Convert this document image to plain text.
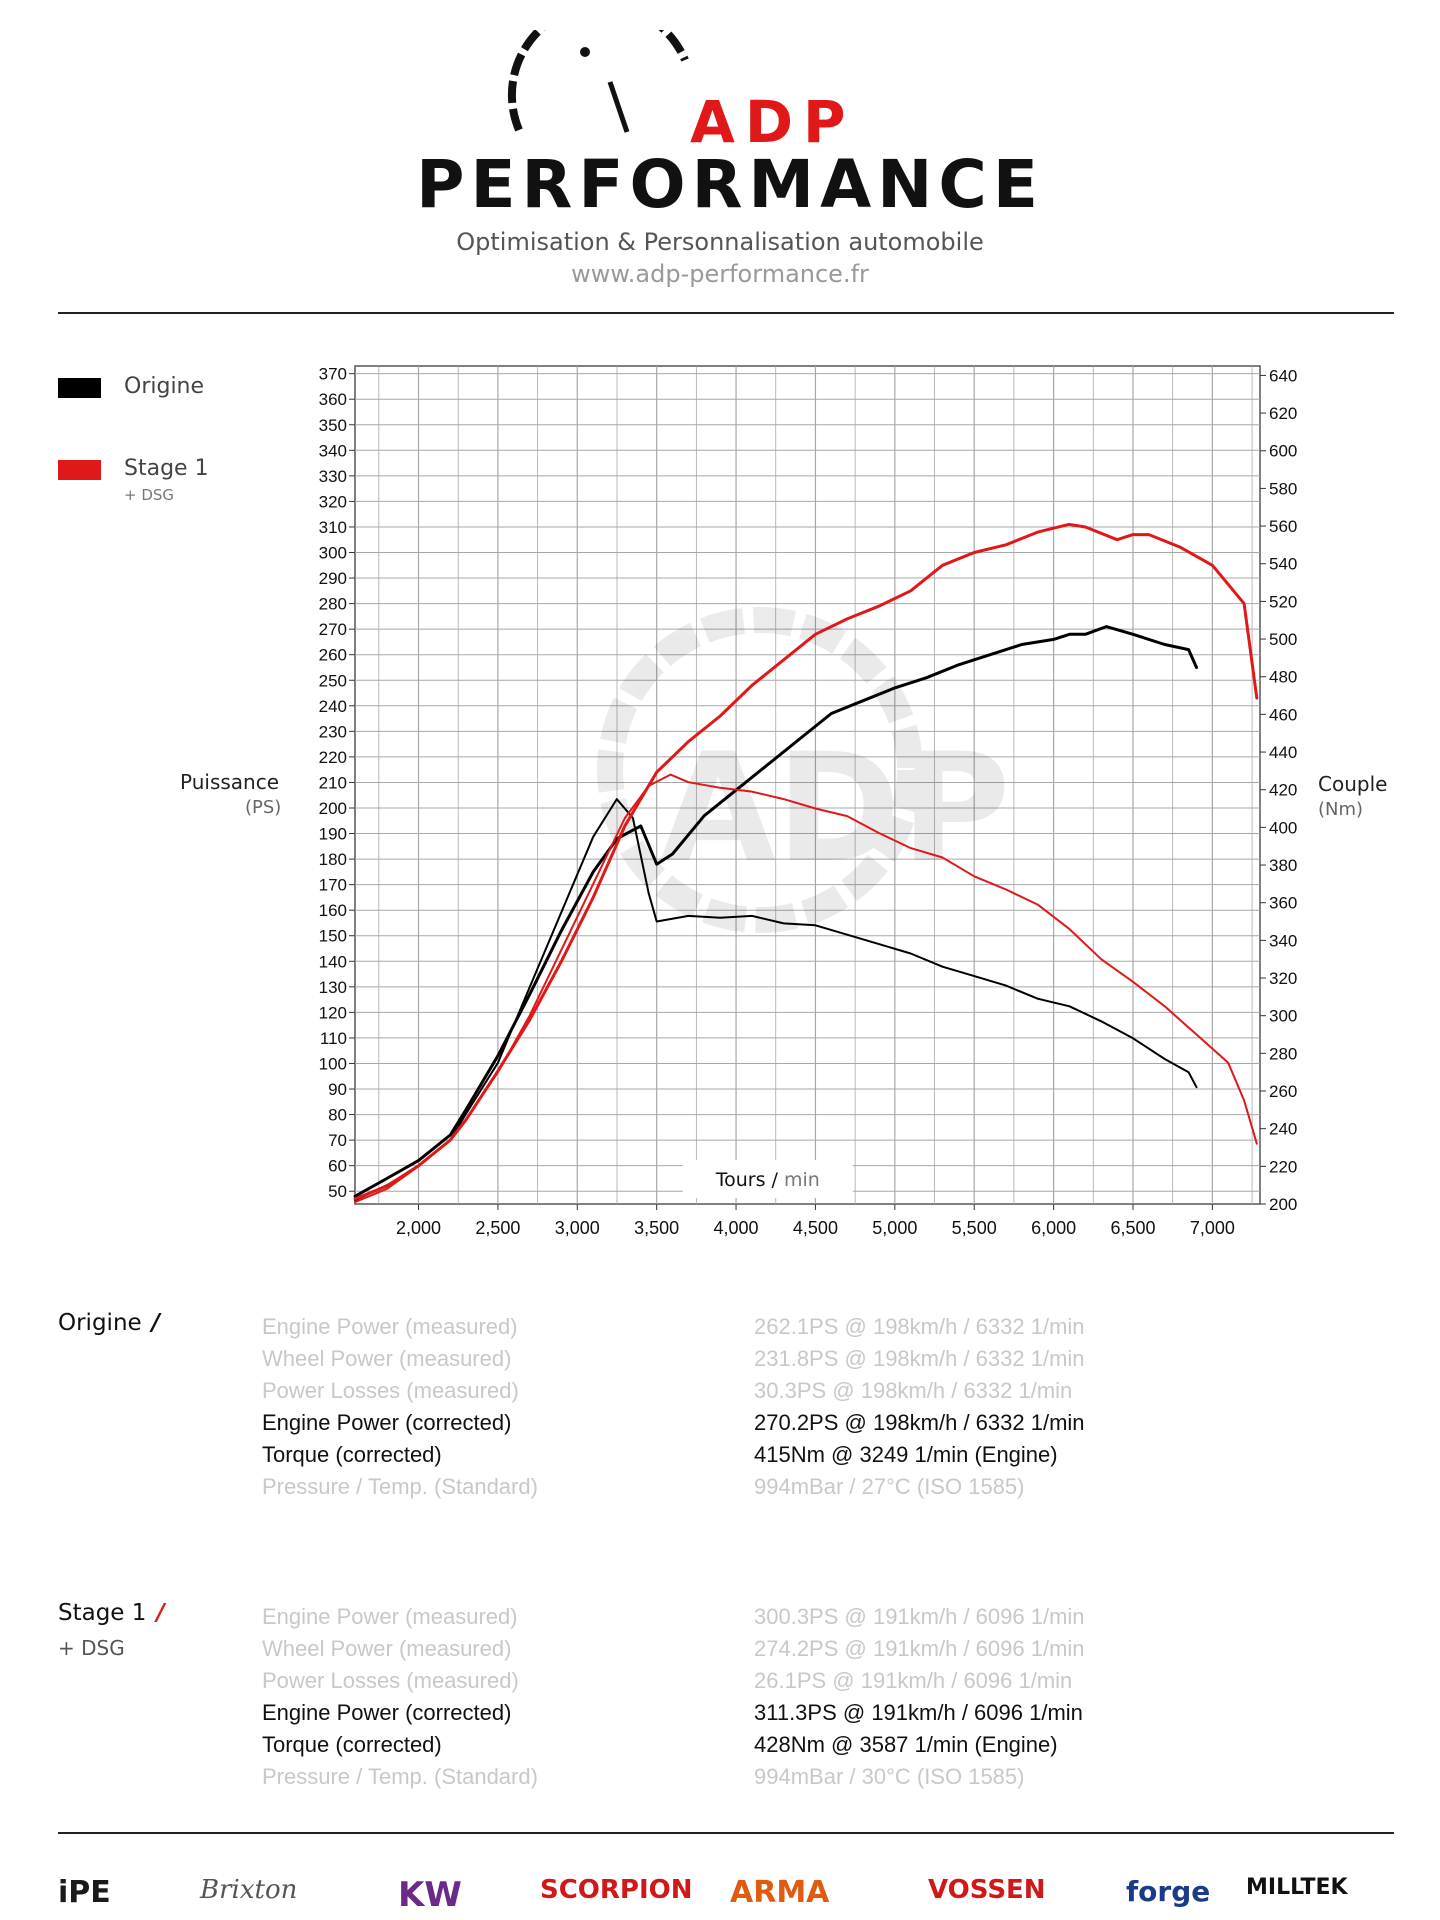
ADP
PERFORMANCE
Optimisation & Personnalisation automobile
www.adp-performance.fr
Origine
Stage 1
+ DSG
Puissance
(PS)
Couple
(Nm)
ADP
50
60
70
80
90
100
110
120
130
140
150
160
170
180
190
200
210
220
230
240
250
260
270
280
290
300
310
320
330
340
350
360
370
2,000 2,500 3,000 3,500 4,000 4,500 5,000 5,500 6,000 6,500 7,000
200
220
240
260
280
300
320
340
360
380
400
420
440
460
480
500
520
540
560
580
600
620
640
Tours / min
Origine /	Engine Power (measured)	262.1PS @ 198km/h / 6332 1/min
Wheel Power (measured)	231.8PS @ 198km/h / 6332 1/min
Power Losses (measured)	30.3PS @ 198km/h / 6332 1/min
Engine Power (corrected)	270.2PS @ 198km/h / 6332 1/min
Torque (corrected)	415Nm @ 3249 1/min (Engine)
Pressure / Temp. (Standard)	994mBar / 27°C (ISO 1585)
Stage 1 /
+ DSG
Engine Power (measured)	300.3PS @ 191km/h / 6096 1/min
Wheel Power (measured)	274.2PS @ 191km/h / 6096 1/min
Power Losses (measured)	26.1PS @ 191km/h / 6096 1/min
Engine Power (corrected)	311.3PS @ 191km/h / 6096 1/min
Torque (corrected)	428Nm @ 3587 1/min (Engine)
Pressure / Temp. (Standard)	994mBar / 30°C (ISO 1585)
iPE	Brixton	KW	SCORPION ARMA	VOSSEN	forge MILLTEK
